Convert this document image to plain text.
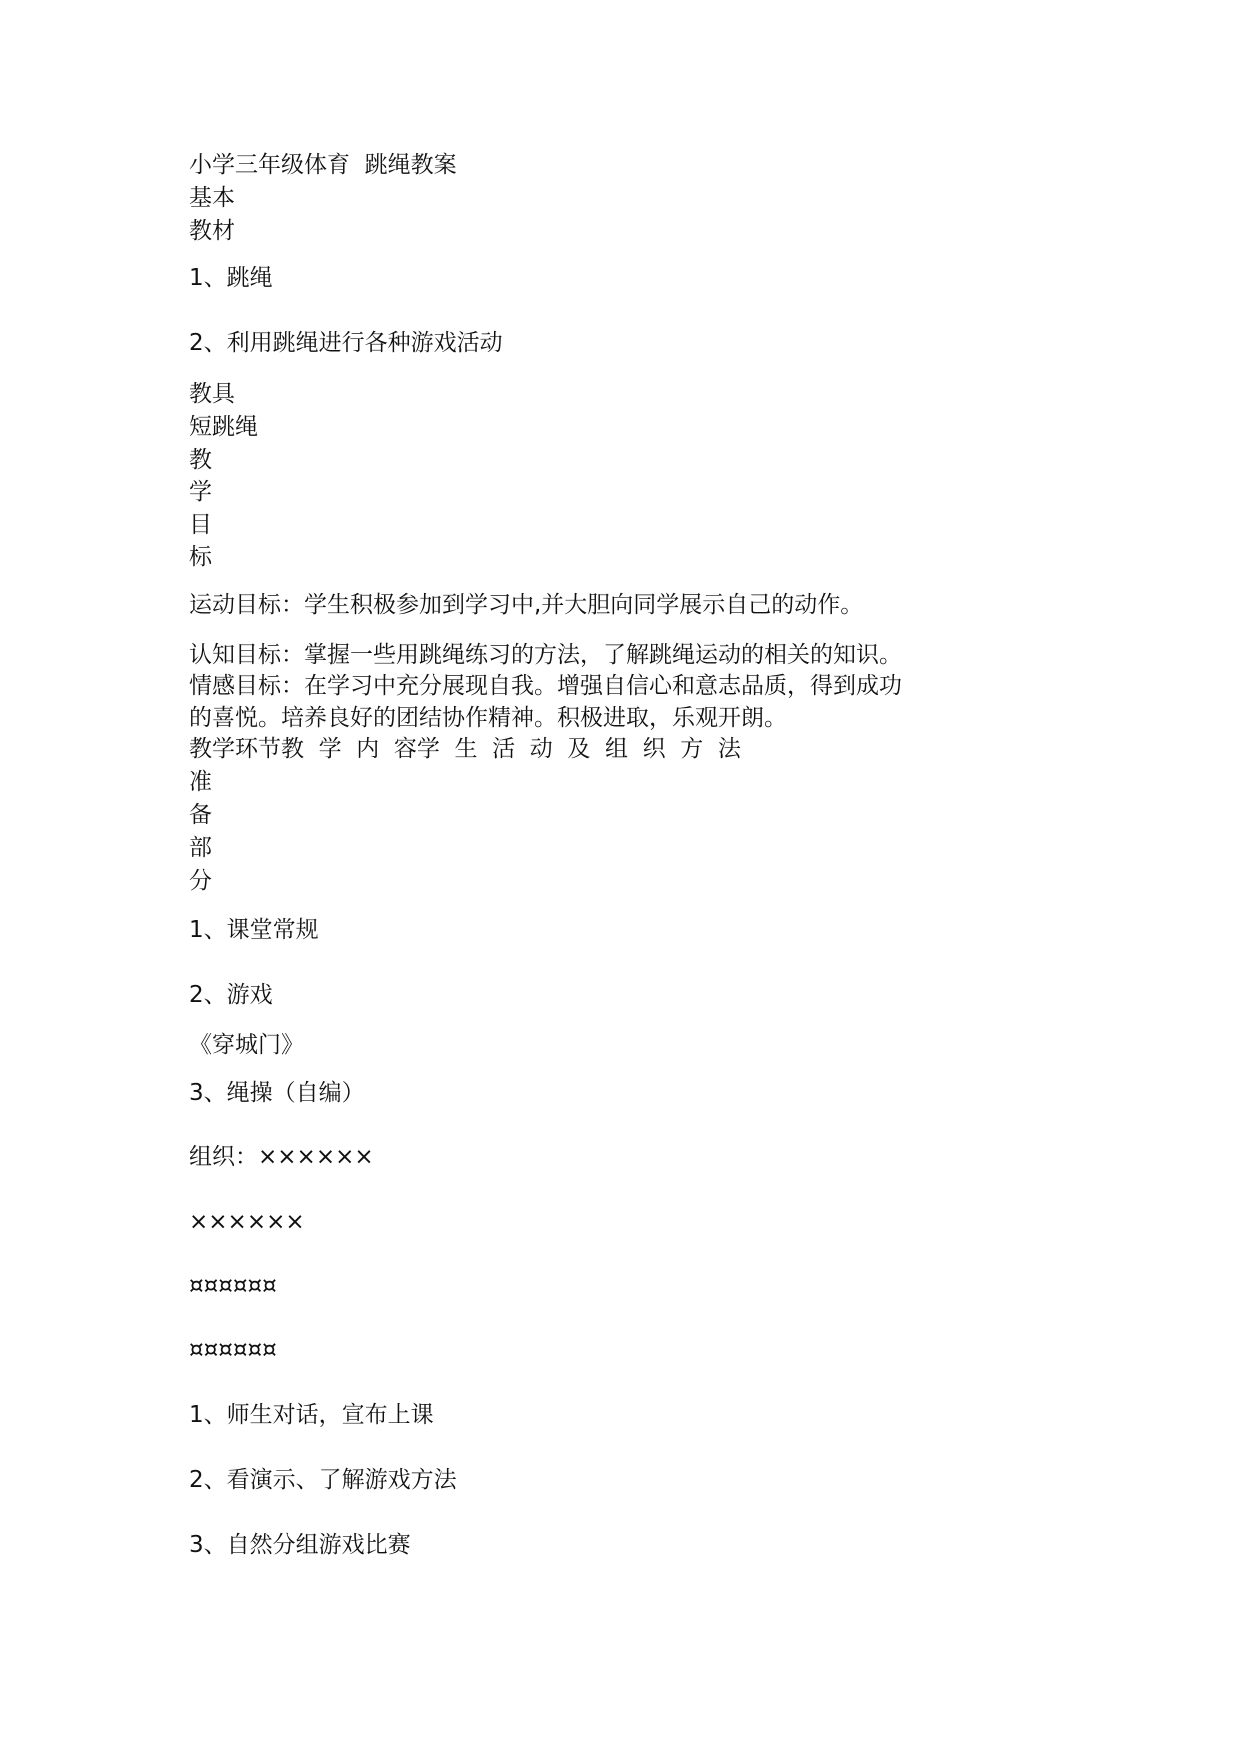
小学三年级体育  跳绳教案
基本
教材
1、跳绳
2、利用跳绳进行各种游戏活动
教具
短跳绳
教
学
目
标
运动目标：学生积极参加到学习中,并大胆向同学展示自己的动作。
认知目标：掌握一些用跳绳练习的方法，了解跳绳运动的相关的知识。
情感目标：在学习中充分展现自我。增强自信心和意志品质，得到成功
的喜悦。培养良好的团结协作精神。积极进取，乐观开朗。
教学环节教  学  内  容学  生  活  动  及  组  织  方  法
准
备
部
分
1、课堂常规
2、游戏
《穿城门》
3、绳操（自编）
组织：××××××
××××××
¤¤¤¤¤¤
¤¤¤¤¤¤
1、师生对话，宣布上课
2、看演示、了解游戏方法
3、自然分组游戏比赛
